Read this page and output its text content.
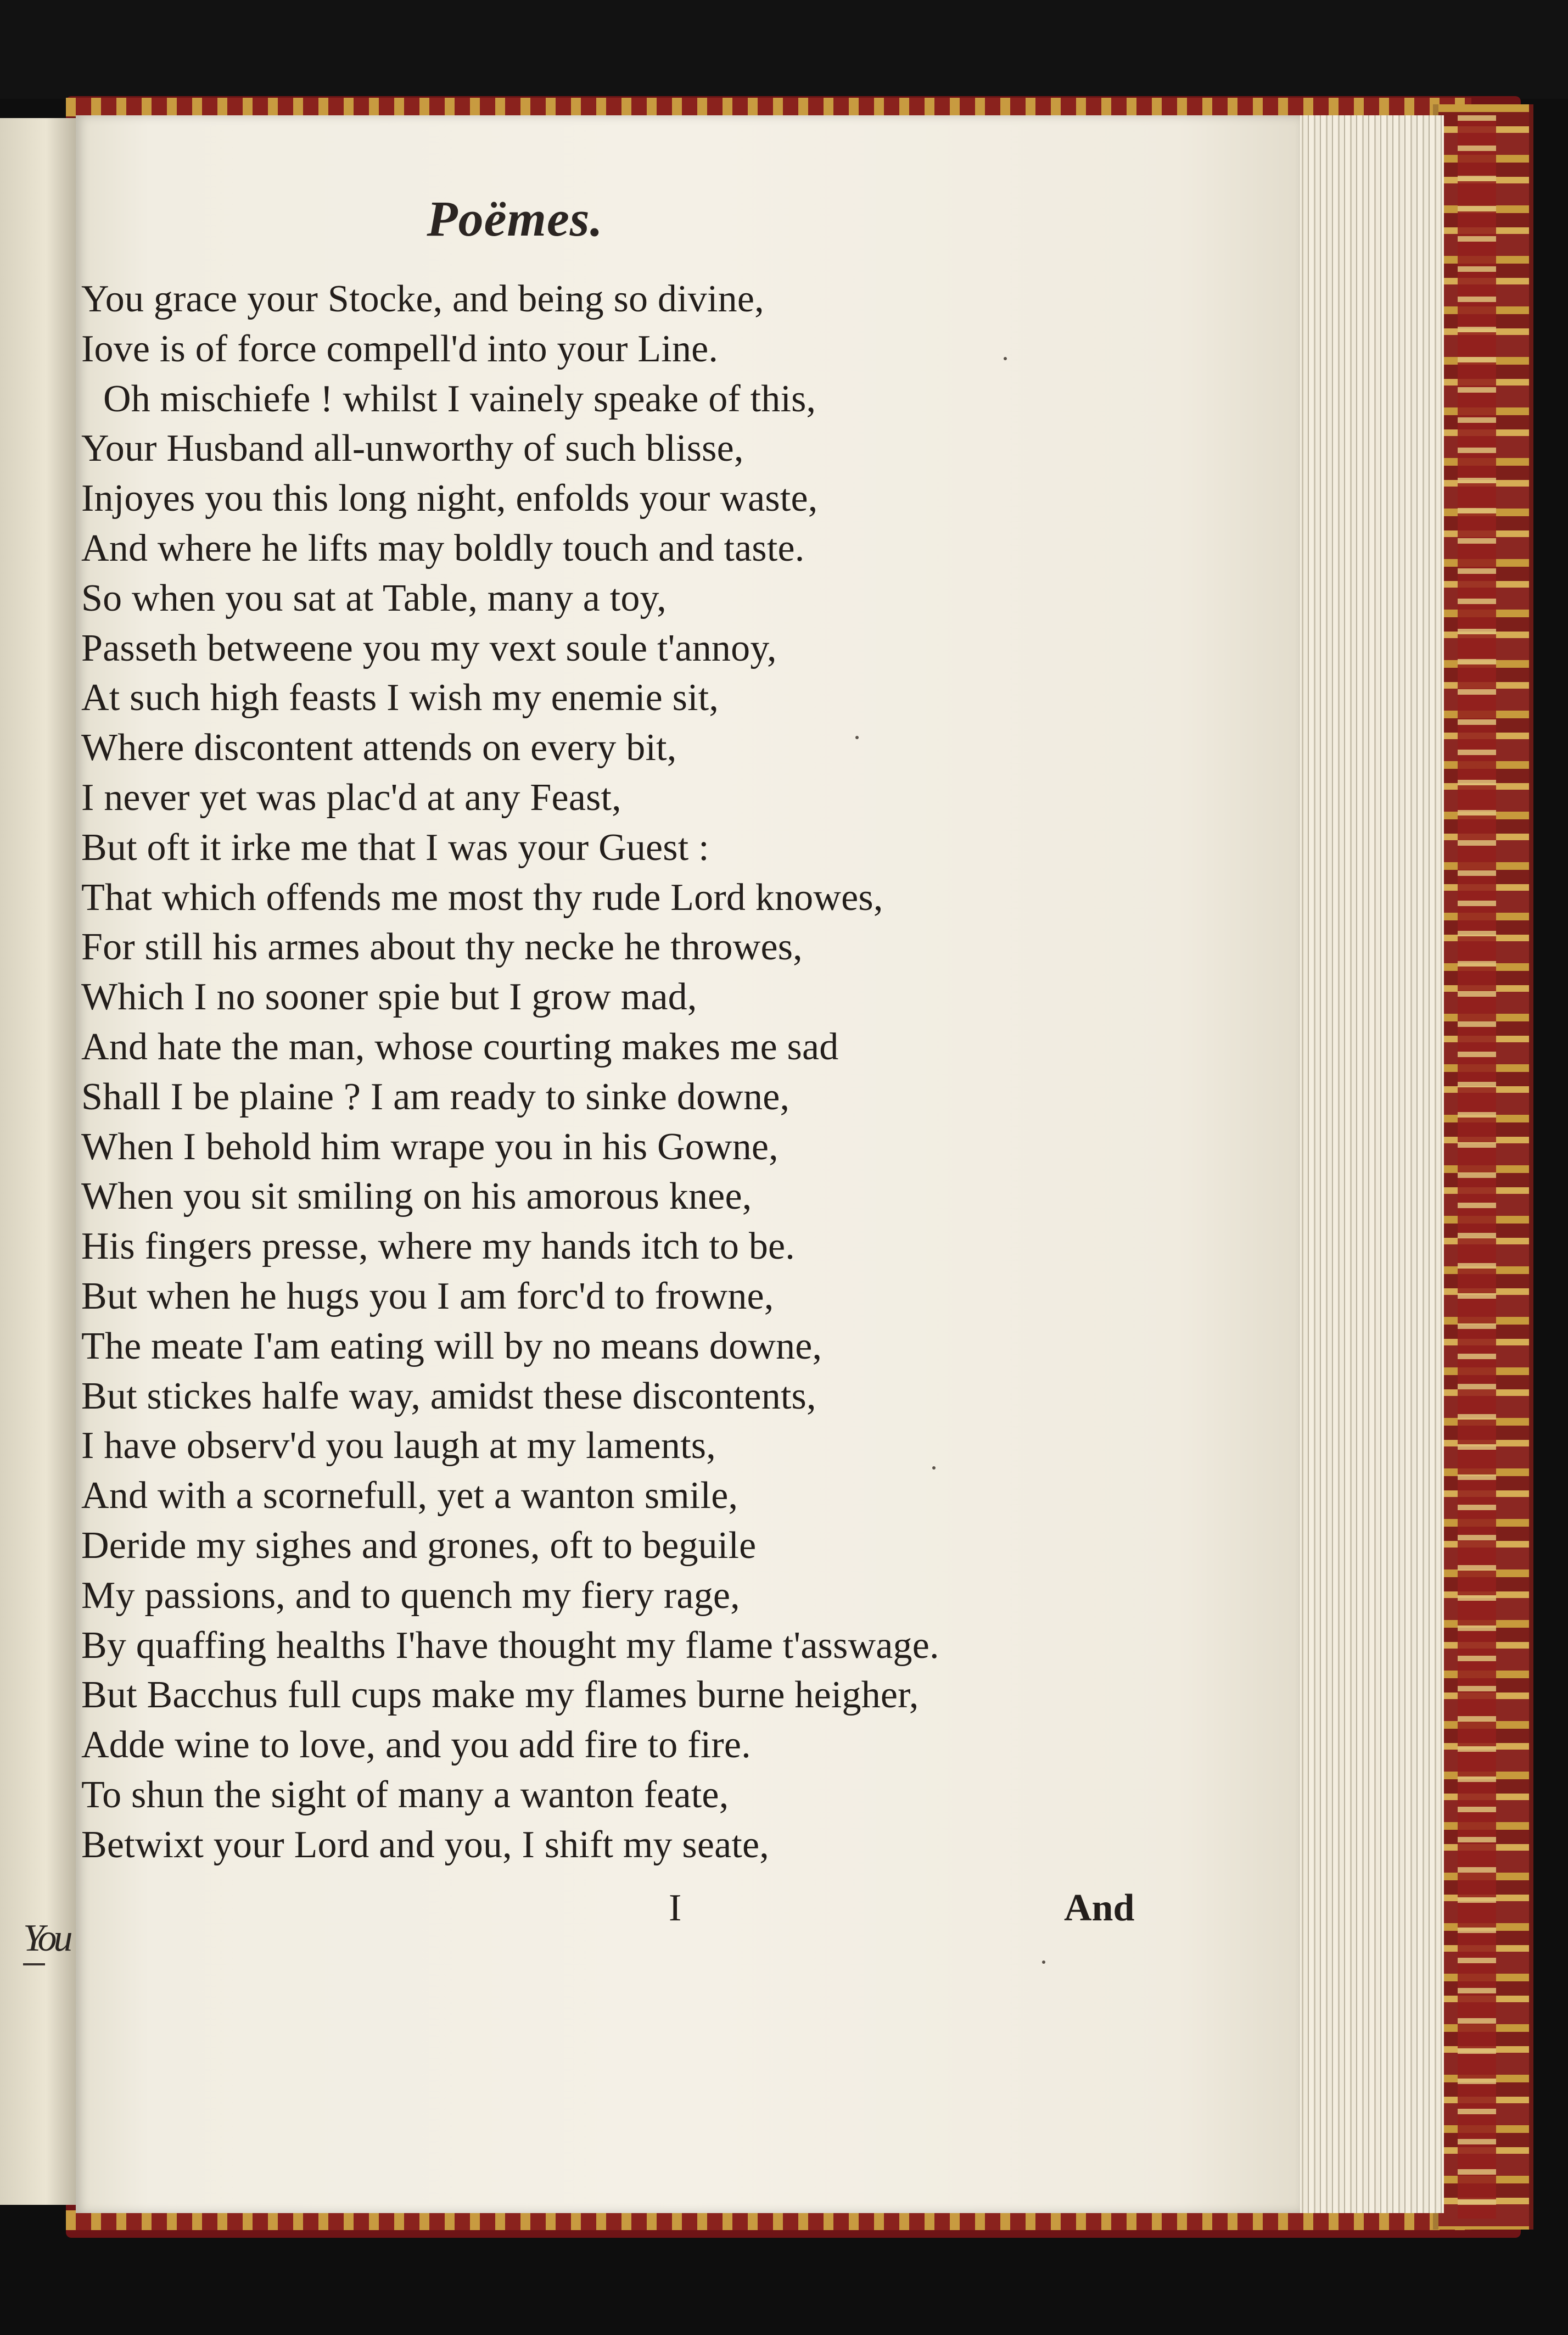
You
Poëmes.
You grace your Stocke, and being so divine,
Iove is of force compell'd into your Line.
Oh mischiefe ! whilst I vainely speake of this,
Your Husband all-unworthy of such blisse,
Injoyes you this long night, enfolds your waste,
And where he lifts may boldly touch and taste.
So when you sat at Table, many a toy,
Passeth betweene you my vext soule t'annoy,
At such high feasts I wish my enemie sit,
Where discontent attends on every bit,
I never yet was plac'd at any Feast,
But oft it irke me that I was your Guest :
That which offends me most thy rude Lord knowes,
For still his armes about thy necke he throwes,
Which I no sooner spie but I grow mad,
And hate the man, whose courting makes me sad
Shall I be plaine ? I am ready to sinke downe,
When I behold him wrape you in his Gowne,
When you sit smiling on his amorous knee,
His fingers presse, where my hands itch to be.
But when he hugs you I am forc'd to frowne,
The meate I'am eating will by no means downe,
But stickes halfe way, amidst these discontents,
I have observ'd you laugh at my laments,
And with a scornefull, yet a wanton smile,
Deride my sighes and grones, oft to beguile
My passions, and to quench my fiery rage,
By quaffing healths I'have thought my flame t'asswage.
But Bacchus full cups make my flames burne heigher,
Adde wine to love, and you add fire to fire.
To shun the sight of many a wanton feate,
Betwixt your Lord and you, I shift my seate,
I	And
